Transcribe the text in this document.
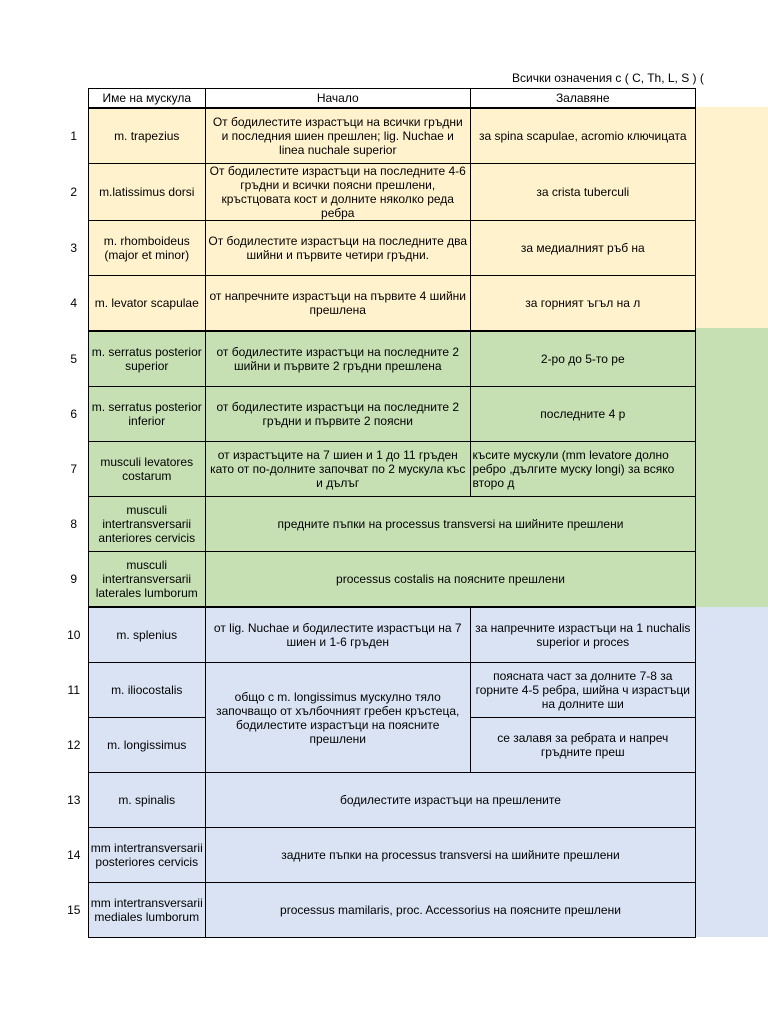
Всички означения с ( C, Th, L, S ) (
	Име на мускула	Начало	Залавяне
1	m. trapezius	От бодилестите израстъци на всички гръдни и последния шиен прешлен; lig. Nuchae и linea nuchale superior	за spina scapulae, acromio ключицата
2	m.latissimus dorsi	От бодилестите израстъци на последните 4-6 гръдни и всички поясни прешлени, кръстцовата кост и долните няколко реда ребра	за crista tuberculi
3	m. rhomboideus (major et minor)	От бодилестите израстъци на последните два шийни и първите четири гръдни.	за медиалният ръб на
4	m. levator scapulae	от напречните израстъци на първите 4 шийни прешлена	за горният ъгъл на л
5	m. serratus posterior superior	от бодилестите израстъци на последните 2 шийни и първите 2 гръдни прешлена	2-ро до 5-то ре
6	m. serratus posterior inferior	от бодилестите израстъци на последните 2 гръдни и първите 2 поясни	последните 4 р
7	musculi levatores costarum	от израстъците на 7 шиен и 1 до 11 гръден като от по-долните започват по 2 мускула къс и дълъг	късите мускули (mm levatore долно ребро ,дългите муску longi) за всяко второ д
8	musculi intertransversarii anteriores cervicis	предните пъпки на processus transversi на шийните прешлени	
9	musculi intertransversarii laterales lumborum	processus costalis на поясните прешлени	
10	m. splenius	от lig. Nuchae и бодилестите израстъци на 7 шиен и 1-6 гръден	за напречните израстъци на 1 nuchalis superior и proces
11	m. iliocostalis	общо с m. longissimus мускулно тяло започващо от хълбочният гребен кръстеца, бодилестите израстъци на поясните прешлени	поясната част за долните 7-8 за горните 4-5 ребра, шийна ч израстъци на долните ши
12	m. longissimus		се залавя за ребрата и напреч гръдните преш
13	m. spinalis	бодилестите израстъци на прешлените	
14	mm intertransversarii posteriores cervicis	задните пъпки на processus transversi на шийните прешлени	
15	mm intertransversarii mediales lumborum	processus mamilaris, proc. Accessorius на поясните прешлени	
